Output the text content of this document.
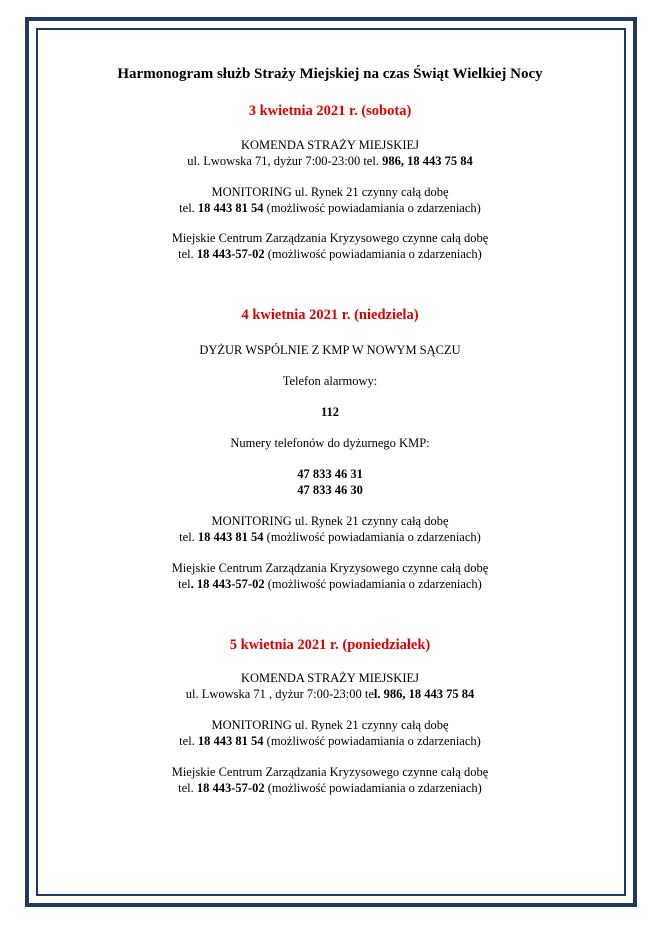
Harmonogram służb Straży Miejskiej na czas Świąt Wielkiej Nocy
3 kwietnia 2021 r. (sobota)
KOMENDA STRAŻY MIEJSKIEJ
ul. Lwowska 71, dyżur 7:00-23:00 tel. 986, 18 443 75 84
MONITORING ul. Rynek 21 czynny całą dobę
tel. 18 443 81 54 (możliwość powiadamiania o zdarzeniach)
Miejskie Centrum Zarządzania Kryzysowego czynne całą dobę
tel. 18 443-57-02 (możliwość powiadamiania o zdarzeniach)
4 kwietnia 2021 r. (niedziela)
DYŻUR WSPÓLNIE Z KMP W NOWYM SĄCZU
Telefon alarmowy:
112
Numery telefonów do dyżurnego KMP:
47 833 46 31
47 833 46 30
MONITORING ul. Rynek 21 czynny całą dobę
tel. 18 443 81 54 (możliwość powiadamiania o zdarzeniach)
Miejskie Centrum Zarządzania Kryzysowego czynne całą dobę
tel. 18 443-57-02 (możliwość powiadamiania o zdarzeniach)
5 kwietnia 2021 r. (poniedziałek)
KOMENDA STRAŻY MIEJSKIEJ
ul. Lwowska 71 , dyżur 7:00-23:00 tel. 986, 18 443 75 84
MONITORING ul. Rynek 21 czynny całą dobę
tel. 18 443 81 54 (możliwość powiadamiania o zdarzeniach)
Miejskie Centrum Zarządzania Kryzysowego czynne całą dobę
tel. 18 443-57-02 (możliwość powiadamiania o zdarzeniach)
